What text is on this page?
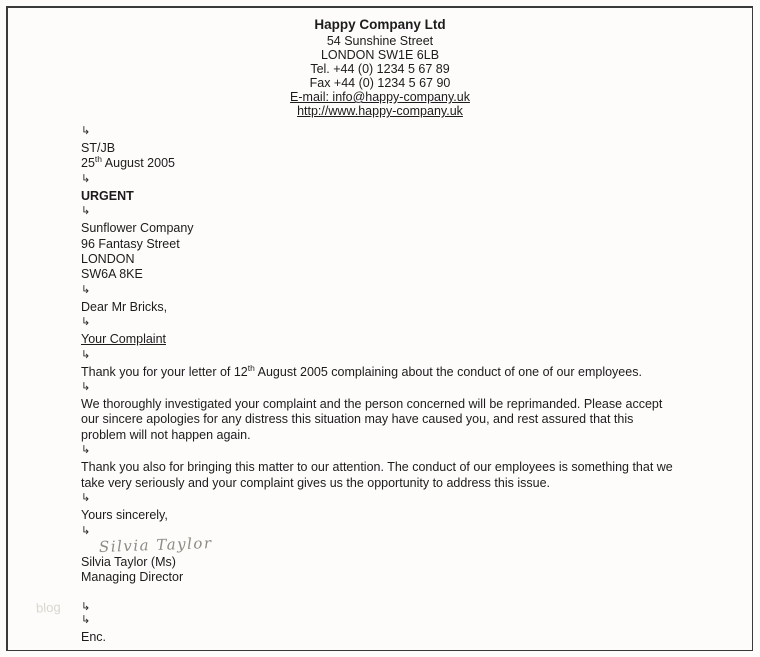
Happy Company Ltd
54 Sunshine Street
LONDON SW1E 6LB
Tel. +44 (0) 1234 5 67 89
Fax +44 (0) 1234 5 67 90
E-mail: info@happy-company.uk
http://www.happy-company.uk
↳
ST/JB
25th August 2005
↳
URGENT
↳
Sunflower Company
96 Fantasy Street
LONDON
SW6A 8KE
↳
Dear Mr Bricks,
↳
Your Complaint
↳
Thank you for your letter of 12th August 2005 complaining about the conduct of one of our employees.
↳
We thoroughly investigated your complaint and the person concerned will be reprimanded. Please accept our sincere apologies for any distress this situation may have caused you, and rest assured that this problem will not happen again.
↳
Thank you also for bringing this matter to our attention. The conduct of our employees is something that we take very seriously and your complaint gives us the opportunity to address this issue.
↳
Yours sincerely,
↳
Silvia Taylor
Silvia Taylor (Ms)
Managing Director
↳
↳
Enc.
blog
